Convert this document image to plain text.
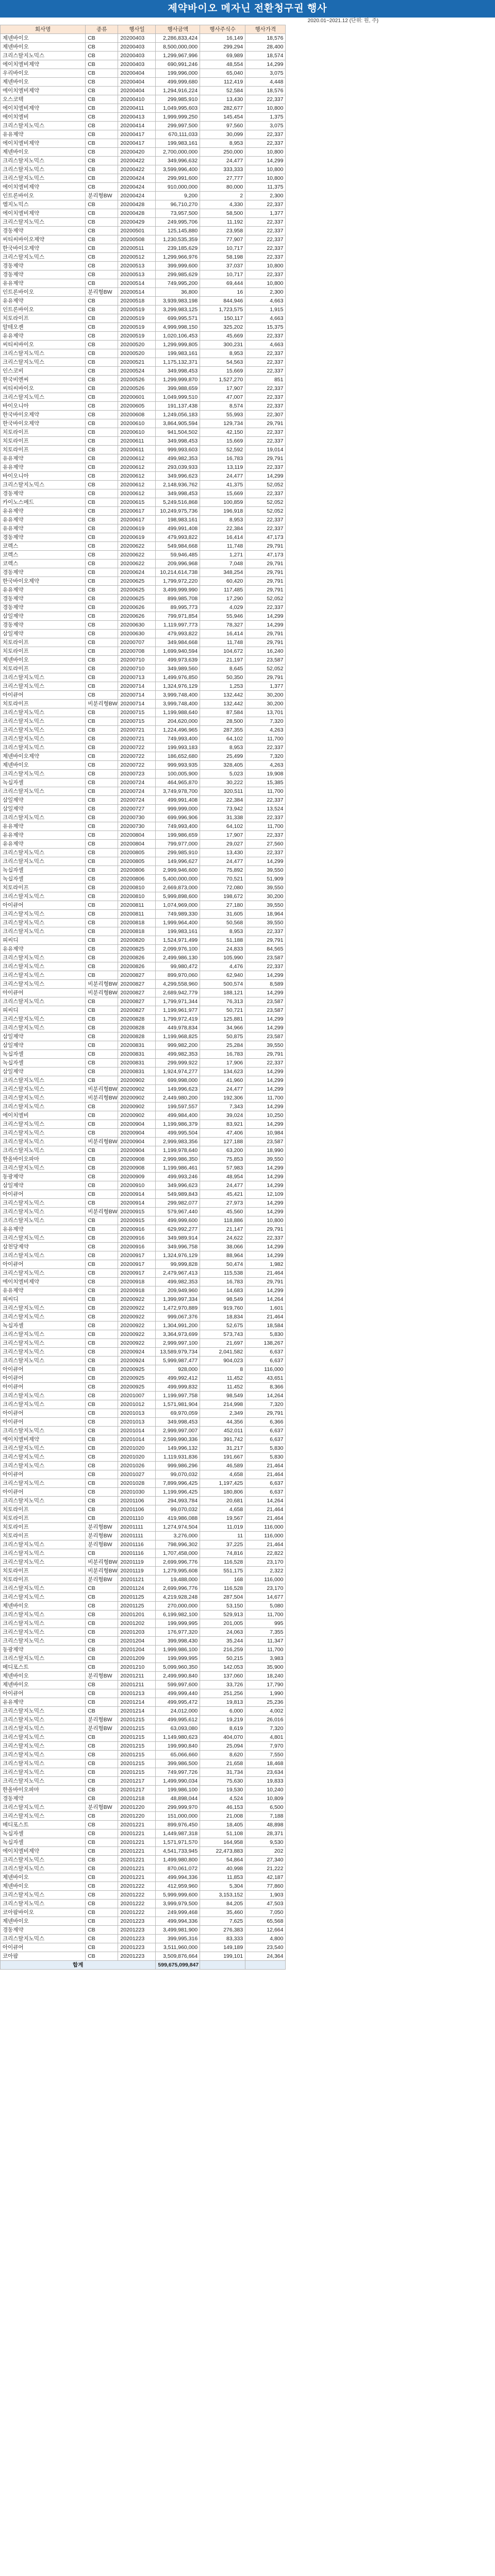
제약바이오 메자닌 전환청구권 행사
2020.01~2021.12 (단위: 원, 주)
회사명	종류	행사일	행사금액	행사주식수	행사가격	
제넨바이오	CB	20200403	2,286,833,424	16,149	18,576	
제넨바이오	CB	20200403	8,500,000,000	299,294	28,400	
크리스탈지노믹스	CB	20200403	1,299,967,996	69,989	18,574	
에이치엘비제약	CB	20200403	690,991,246	48,554	14,299	
우리바이오	CB	20200404	199,996,000	65,040	3,075	
제넨바이오	CB	20200404	499,999,680	112,419	4,448	
에이치엘비제약	CB	20200404	1,294,916,224	52,584	18,576	
오스코텍	CB	20200410	299,985,910	13,430	22,337	
에이치엘비제약	CB	20200411	1,049,995,603	282,677	10,800	
에이치엘비	CB	20200413	1,999,999,250	145,454	1,375	
크리스탈지노믹스	CB	20200414	299,997,500	97,560	3,075	
유유제약	CB	20200417	670,111,033	30,099	22,337	
에이치엘비제약	CB	20200417	199,983,161	8,953	22,337	
제넨바이오	CB	20200420	2,700,000,000	250,000	10,800	
크리스탈지노믹스	CB	20200422	349,996,632	24,477	14,299	
크리스탈지노믹스	CB	20200422	3,599,996,400	333,333	10,800	
크리스탈지노믹스	CB	20200424	299,991,600	27,777	10,800	
에이치엘비제약	CB	20200424	910,000,000	80,000	11,375	
인트론바이오	분리형BW	20200424	9,200	2	2,300	
엠지노믹스	CB	20200428	96,710,270	4,330	22,337	
에이치엘비제약	CB	20200428	73,957,500	58,500	1,377	
크리스탈지노믹스	CB	20200429	249,995,706	11,192	22,337	
경동제약	CB	20200501	125,145,880	23,958	22,337	
씨티씨바이오제약	CB	20200508	1,230,535,359	77,907	22,337	
한국바이오제약	CB	20200511	239,185,629	10,717	22,337	
크리스탈지노믹스	CB	20200512	1,299,966,976	58,198	22,337	
경동제약	CB	20200513	399,999,600	37,037	10,800	
경동제약	CB	20200513	299,985,629	10,717	22,337	
유유제약	CB	20200514	749,995,200	69,444	10,800	
인트론바이오	분리형BW	20200514	36,800	16	2,300	
유유제약	CB	20200518	3,939,983,198	844,946	4,663	
인트론바이오	CB	20200519	3,299,983,125	1,723,575	1,915	
치토라이프	CB	20200519	699,995,571	150,117	4,663	
알테오젠	CB	20200519	4,999,998,150	325,202	15,375	
유유제약	CB	20200519	1,020,106,453	45,669	22,337	
씨티씨바이오	CB	20200520	1,299,999,805	300,231	4,663	
크리스탈지노믹스	CB	20200520	199,983,161	8,953	22,337	
크리스탈지노믹스	CB	20200521	1,175,132,371	54,563	22,337	
인스코비	CB	20200524	349,998,453	15,669	22,337	
한국비엔씨	CB	20200526	1,299,999,870	1,527,270	851	
씨티씨바이오	CB	20200526	399,988,659	17,907	22,337	
크리스탈지노믹스	CB	20200601	1,049,999,510	47,007	22,337	
바이오니아	CB	20200605	191,137,438	8,574	22,337	
한국바이오제약	CB	20200608	1,249,056,183	55,993	22,307	
한국바이오제약	CB	20200610	3,864,905,594	129,734	29,791	
치토라이프	CB	20200610	941,504,502	42,150	22,337	
치토라이프	CB	20200611	349,998,453	15,669	22,337	
치토라이프	CB	20200611	999,993,603	52,592	19,014	
유유제약	CB	20200612	499,982,353	16,783	29,791	
유유제약	CB	20200612	293,039,933	13,119	22,337	
바이오니아	CB	20200612	349,996,623	24,477	14,299	
크리스탈지노믹스	CB	20200612	2,148,936,762	41,375	52,052	
경동제약	CB	20200612	349,998,453	15,669	22,337	
카이노스메드	CB	20200615	5,249,516,868	100,859	52,052	
유유제약	CB	20200617	10,249,975,736	196,918	52,052	
유유제약	CB	20200617	198,983,161	8,953	22,337	
유유제약	CB	20200619	499,991,408	22,384	22,337	
경동제약	CB	20200619	479,993,822	16,414	47,173	
코렉스	CB	20200622	549,984,668	11,748	29,791	
코렉스	CB	20200622	59,946,485	1,271	47,173	
코렉스	CB	20200622	209,996,968	7,048	29,791	
경동제약	CB	20200624	10,214,614,738	348,254	29,791	
한국바이오제약	CB	20200625	1,799,972,220	60,420	29,791	
유유제약	CB	20200625	3,499,999,990	117,485	29,791	
경동제약	CB	20200625	899,985,708	17,290	52,052	
경동제약	CB	20200626	89,995,773	4,029	22,337	
삼일제약	CB	20200626	799,971,854	55,946	14,299	
경동제약	CB	20200630	1,119,997,773	78,327	14,299	
삼일제약	CB	20200630	479,993,822	16,414	29,791	
치토라이프	CB	20200707	349,984,668	11,748	29,791	
치토라이프	CB	20200708	1,699,940,594	104,672	16,240	
제넨바이오	CB	20200710	499,973,639	21,197	23,587	
치토라이프	CB	20200710	349,989,560	8,645	52,052	
크리스탈지노믹스	CB	20200713	1,499,976,850	50,350	29,791	
크리스탈지노믹스	CB	20200714	1,324,976,129	1,253	1,377	
아이큐어	CB	20200714	3,999,748,400	132,442	30,200	
치토라이프	비분리형BW	20200714	3,999,748,400	132,442	30,200	
크리스탈지노믹스	CB	20200715	1,199,988,640	87,584	13,701	
크리스탈지노믹스	CB	20200715	204,620,000	28,500	7,320	
크리스탈지노믹스	CB	20200721	1,224,496,965	287,355	4,263	
크리스탈지노믹스	CB	20200721	749,993,400	64,102	11,700	
크리스탈지노믹스	CB	20200722	199,993,183	8,953	22,337	
제넨바이오제약	CB	20200722	186,652,680	25,499	7,320	
제넨바이오	CB	20200722	999,993,935	328,405	4,263	
크리스탈지노믹스	CB	20200723	100,005,900	5,023	19,908	
녹십자셀	CB	20200724	464,965,870	30,222	15,385	
크리스탈지노믹스	CB	20200724	3,749,978,700	320,511	11,700	
삼일제약	CB	20200724	499,991,408	22,384	22,337	
삼일제약	CB	20200727	999,999,000	73,942	13,524	
크리스탈지노믹스	CB	20200730	699,996,906	31,338	22,337	
유유제약	CB	20200730	749,993,400	64,102	11,700	
유유제약	CB	20200804	199,986,659	17,907	22,337	
유유제약	CB	20200804	799,977,000	29,027	27,560	
크리스탈지노믹스	CB	20200805	299,985,910	13,430	22,337	
크리스탈지노믹스	CB	20200805	149,996,627	24,477	14,299	
녹십자셀	CB	20200806	2,999,946,600	75,892	39,550	
녹십자셀	CB	20200806	5,400,000,000	70,521	51,909	
치토라이프	CB	20200810	2,669,873,000	72,080	39,550	
크리스탈지노믹스	CB	20200810	5,999,898,600	198,672	30,200	
아이큐어	CB	20200811	1,074,969,000	27,180	39,550	
크리스탈지노믹스	CB	20200811	749,989,330	31,605	18,964	
크리스탈지노믹스	CB	20200818	1,999,964,400	50,568	39,550	
크리스탈지노믹스	CB	20200818	199,983,161	8,953	22,337	
피씨디	CB	20200820	1,524,971,499	51,188	29,791	
유유제약	CB	20200825	2,099,976,100	24,833	84,565	
크리스탈지노믹스	CB	20200826	2,499,986,130	105,990	23,587	
크리스탈지노믹스	CB	20200826	99,980,472	4,476	22,337	
크리스탈지노믹스	CB	20200827	899,970,060	62,940	14,299	
크리스탈지노믹스	비분리형BW	20200827	4,299,558,960	500,574	8,589	
아이큐어	비분리형BW	20200827	2,689,942,779	188,121	14,299	
크리스탈지노믹스	CB	20200827	1,799,971,344	76,313	23,587	
피씨디	CB	20200827	1,199,961,977	50,721	23,587	
크리스탈지노믹스	CB	20200828	1,799,972,419	125,881	14,299	
크리스탈지노믹스	CB	20200828	449,978,834	34,966	14,299	
삼일제약	CB	20200828	1,199,968,825	50,875	23,587	
삼일제약	CB	20200831	999,982,200	25,284	39,550	
녹십자셀	CB	20200831	499,982,353	16,783	29,791	
녹십자셀	CB	20200831	299,999,922	17,906	22,337	
삼일제약	CB	20200831	1,924,974,277	134,623	14,299	
크리스탈지노믹스	CB	20200902	699,998,000	41,960	14,299	
크리스탈지노믹스	비분리형BW	20200902	149,996,623	24,477	14,299	
크리스탈지노믹스	비분리형BW	20200902	2,449,980,200	192,306	11,700	
크리스탈지노믹스	CB	20200902	199,597,557	7,343	14,299	
에이치엘비	CB	20200902	499,984,400	39,024	10,250	
크리스탈지노믹스	CB	20200904	1,199,986,379	83,921	14,299	
크리스탈지노믹스	CB	20200904	499,995,504	47,406	10,984	
크리스탈지노믹스	비분리형BW	20200904	2,999,983,356	127,188	23,587	
크리스탈지노믹스	CB	20200904	1,199,978,640	63,200	18,990	
한올바이오파마	CB	20200908	2,999,986,350	75,853	39,550	
크리스탈지노믹스	CB	20200908	1,199,986,461	57,983	14,299	
동광제약	CB	20200909	499,993,246	48,954	14,299	
삼일제약	CB	20200910	349,996,623	24,477	14,299	
아이큐어	CB	20200914	549,989,843	45,421	12,109	
크리스탈지노믹스	CB	20200914	299,982,077	27,973	14,299	
크리스탈지노믹스	비분리형BW	20200915	579,967,440	45,560	14,299	
크리스탈지노믹스	CB	20200915	499,999,600	118,886	10,800	
유유제약	CB	20200916	629,992,277	21,147	29,791	
크리스탈지노믹스	CB	20200916	349,989,914	24,622	22,337	
삼천당제약	CB	20200916	349,996,758	38,066	14,299	
크리스탈지노믹스	CB	20200917	1,324,976,129	88,964	14,299	
아이큐어	CB	20200917	99,999,828	50,474	1,982	
크리스탈지노믹스	CB	20200917	2,479,967,413	115,538	21,464	
에이치엘비제약	CB	20200918	499,982,353	16,783	29,791	
유유제약	CB	20200918	209,949,960	14,683	14,299	
피씨디	CB	20200922	1,399,997,334	98,549	14,264	
크리스탈지노믹스	CB	20200922	1,472,970,889	919,760	1,601	
크리스탈지노믹스	CB	20200922	999,067,376	18,834	21,464	
녹십자셀	CB	20200922	1,304,991,200	52,675	18,584	
크리스탈지노믹스	CB	20200922	3,364,973,699	573,743	5,830	
크리스탈지노믹스	CB	20200922	2,999,997,100	21,697	138,267	
크리스탈지노믹스	CB	20200924	13,589,979,734	2,041,582	6,637	
크리스탈지노믹스	CB	20200924	5,999,987,477	904,023	6,637	
아이큐어	CB	20200925	928,000	8	116,000	
아이큐어	CB	20200925	499,992,412	11,452	43,651	
아이큐어	CB	20200925	499,999,832	11,452	8,366	
크리스탈지노믹스	CB	20201007	1,199,997,758	98,549	14,264	
크리스탈지노믹스	CB	20201012	1,571,981,904	214,998	7,320	
아이큐어	CB	20201013	69,970,059	2,349	29,791	
아이큐어	CB	20201013	349,998,453	44,356	6,366	
크리스탈지노믹스	CB	20201014	2,999,997,007	452,011	6,637	
에이치엘비제약	CB	20201014	2,599,990,336	391,742	6,637	
크리스탈지노믹스	CB	20201020	149,996,132	31,217	5,830	
크리스탈지노믹스	CB	20201020	1,119,931,836	191,667	5,830	
크리스탈지노믹스	CB	20201026	999,986,296	46,589	21,464	
아이큐어	CB	20201027	99,070,032	4,658	21,464	
크리스탈지노믹스	CB	20201028	7,899,996,425	1,197,425	6,637	
아이큐어	CB	20201030	1,199,996,425	180,806	6,637	
크리스탈지노믹스	CB	20201106	294,993,784	20,681	14,264	
치토라이프	CB	20201106	99,070,032	4,658	21,464	
치토라이프	CB	20201110	419,986,088	19,567	21,464	
치토라이프	분리형BW	20201111	1,274,974,504	11,019	116,000	
치토라이프	분리형BW	20201111	3,276,000	11	116,000	
크리스탈지노믹스	분리형BW	20201116	798,996,302	37,225	21,464	
크리스탈지노믹스	CB	20201116	1,707,458,000	74,816	22,822	
크리스탈지노믹스	비분리형BW	20201119	2,699,996,776	116,528	23,170	
치토라이프	비분리형BW	20201119	1,279,995,608	551,175	2,322	
치토라이프	분리형BW	20201121	19,488,000	168	116,000	
크리스탈지노믹스	CB	20201124	2,699,996,776	116,528	23,170	
크리스탈지노믹스	CB	20201125	4,219,928,248	287,504	14,677	
제넨바이오	CB	20201125	270,000,000	53,150	5,080	
크리스탈지노믹스	CB	20201201	6,199,982,100	529,913	11,700	
크리스탈지노믹스	CB	20201202	199,999,995	201,005	995	
크리스탈지노믹스	CB	20201203	176,977,320	24,063	7,355	
크리스탈지노믹스	CB	20201204	399,998,430	35,244	11,347	
동광제약	CB	20201204	1,999,986,100	216,259	11,700	
크리스탈지노믹스	CB	20201209	199,999,995	50,215	3,983	
메디포스트	CB	20201210	5,099,960,350	142,053	35,900	
제넨바이오	분리형BW	20201211	2,499,990,840	137,060	18,240	
제넨바이오	CB	20201211	599,997,600	33,726	17,790	
아이큐어	CB	20201213	499,999,440	251,256	1,990	
유유제약	CB	20201214	499,995,472	19,813	25,236	
크리스탈지노믹스	CB	20201214	24,012,000	6,000	4,002	
크리스탈지노믹스	분리형BW	20201215	499,995,612	19,219	26,016	
크리스탈지노믹스	분리형BW	20201215	63,093,080	8,619	7,320	
크리스탈지노믹스	CB	20201215	1,149,980,623	404,070	4,801	
크리스탈지노믹스	CB	20201215	199,990,840	25,094	7,970	
크리스탈지노믹스	CB	20201215	65,066,660	8,620	7,550	
크리스탈지노믹스	CB	20201215	399,986,500	21,658	18,468	
크리스탈지노믹스	CB	20201215	749,997,726	31,734	23,634	
크리스탈지노믹스	CB	20201217	1,499,990,034	75,630	19,833	
한올바이오파마	CB	20201217	199,986,100	19,530	10,240	
경동제약	CB	20201218	48,898,044	4,524	10,809	
크리스탈지노믹스	분리형BW	20201220	299,999,970	46,153	6,500	
크리스탈지노믹스	CB	20201220	151,000,000	21,008	7,188	
메디포스트	CB	20201221	899,976,450	18,405	48,898	
녹십자셀	CB	20201221	1,449,987,318	51,108	28,371	
녹십자셀	CB	20201221	1,571,971,570	164,958	9,530	
에이치엘비제약	CB	20201221	4,541,733,945	22,473,883	202	
크리스탈지노믹스	CB	20201221	1,499,980,800	54,864	27,340	
크리스탈지노믹스	CB	20201221	870,061,072	40,998	21,222	
제넨바이오	CB	20201221	499,994,336	11,853	42,187	
제넨바이오	CB	20201222	412,959,960	5,304	77,860	
크리스탈지노믹스	CB	20201222	5,999,999,600	3,153,152	1,903	
크리스탈지노믹스	CB	20201222	3,999,979,500	84,205	47,503	
코아팜바이오	CB	20201222	249,999,468	35,460	7,050	
제넨바이오	CB	20201223	499,994,336	7,625	65,568	
경동제약	CB	20201223	3,499,981,900	276,383	12,664	
크리스탈지노믹스	CB	20201223	399,995,316	83,333	4,800	
아이큐어	CB	20201223	3,511,960,000	149,189	23,540	
코아팜	CB	20201223	3,509,876,664	199,101	24,364	
합계			599,675,099,847			
